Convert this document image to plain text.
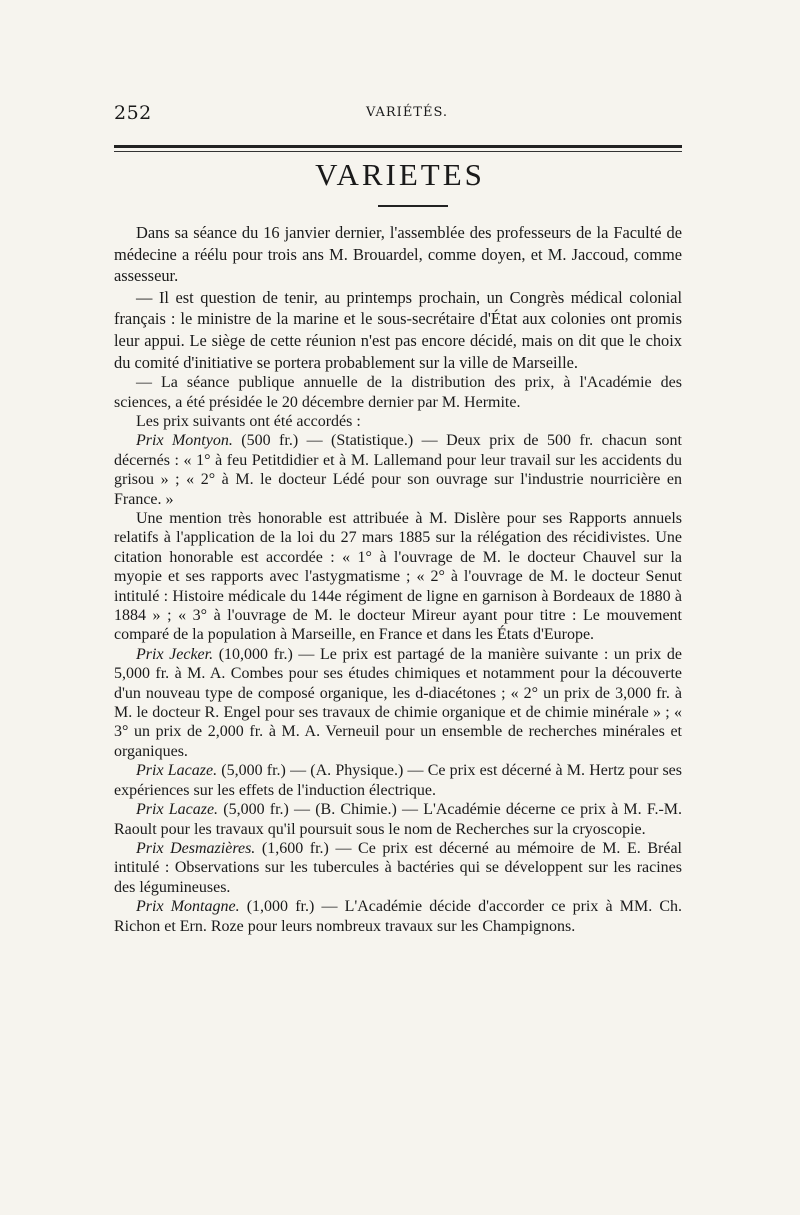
252	VARIÉTÉS.
VARIETES

Dans sa séance du 16 janvier dernier, l'assemblée des professeurs de la Faculté de médecine a réélu pour trois ans M. Brouardel, comme doyen, et M. Jaccoud, comme assesseur.

— Il est question de tenir, au printemps prochain, un Congrès médical colonial français : le ministre de la marine et le sous-secrétaire d'État aux colonies ont promis leur appui. Le siège de cette réunion n'est pas encore décidé, mais on dit que le choix du comité d'initiative se portera probablement sur la ville de Marseille.

— La séance publique annuelle de la distribution des prix, à l'Académie des sciences, a été présidée le 20 décembre dernier par M. Hermite.

Les prix suivants ont été accordés :

Prix Montyon. (500 fr.) — (Statistique.) — Deux prix de 500 fr. chacun sont décernés : « 1° à feu Petitdidier et à M. Lallemand pour leur travail sur les accidents du grisou » ; « 2° à M. le docteur Lédé pour son ouvrage sur l'industrie nourricière en France. »

Une mention très honorable est attribuée à M. Dislère pour ses Rapports annuels relatifs à l'application de la loi du 27 mars 1885 sur la rélégation des récidivistes. Une citation honorable est accordée : « 1° à l'ouvrage de M. le docteur Chauvel sur la myopie et ses rapports avec l'astygmatisme ; « 2° à l'ouvrage de M. le docteur Senut intitulé : Histoire médicale du 144e régiment de ligne en garnison à Bordeaux de 1880 à 1884 » ; « 3° à l'ouvrage de M. le docteur Mireur ayant pour titre : Le mouvement comparé de la population à Marseille, en France et dans les États d'Europe.

Prix Jecker. (10,000 fr.) — Le prix est partagé de la manière suivante : un prix de 5,000 fr. à M. A. Combes pour ses études chimiques et notamment pour la découverte d'un nouveau type de composé organique, les d-diacétones ; « 2° un prix de 3,000 fr. à M. le docteur R. Engel pour ses travaux de chimie organique et de chimie minérale » ; « 3° un prix de 2,000 fr. à M. A. Verneuil pour un ensemble de recherches minérales et organiques.

Prix Lacaze. (5,000 fr.) — (A. Physique.) — Ce prix est décerné à M. Hertz pour ses expériences sur les effets de l'induction électrique.

Prix Lacaze. (5,000 fr.) — (B. Chimie.) — L'Académie décerne ce prix à M. F.-M. Raoult pour les travaux qu'il poursuit sous le nom de Recherches sur la cryoscopie.

Prix Desmazières. (1,600 fr.) — Ce prix est décerné au mémoire de M. E. Bréal intitulé : Observations sur les tubercules à bactéries qui se développent sur les racines des légumineuses.

Prix Montagne. (1,000 fr.) — L'Académie décide d'accorder ce prix à MM. Ch. Richon et Ern. Roze pour leurs nombreux travaux sur les Champignons.
